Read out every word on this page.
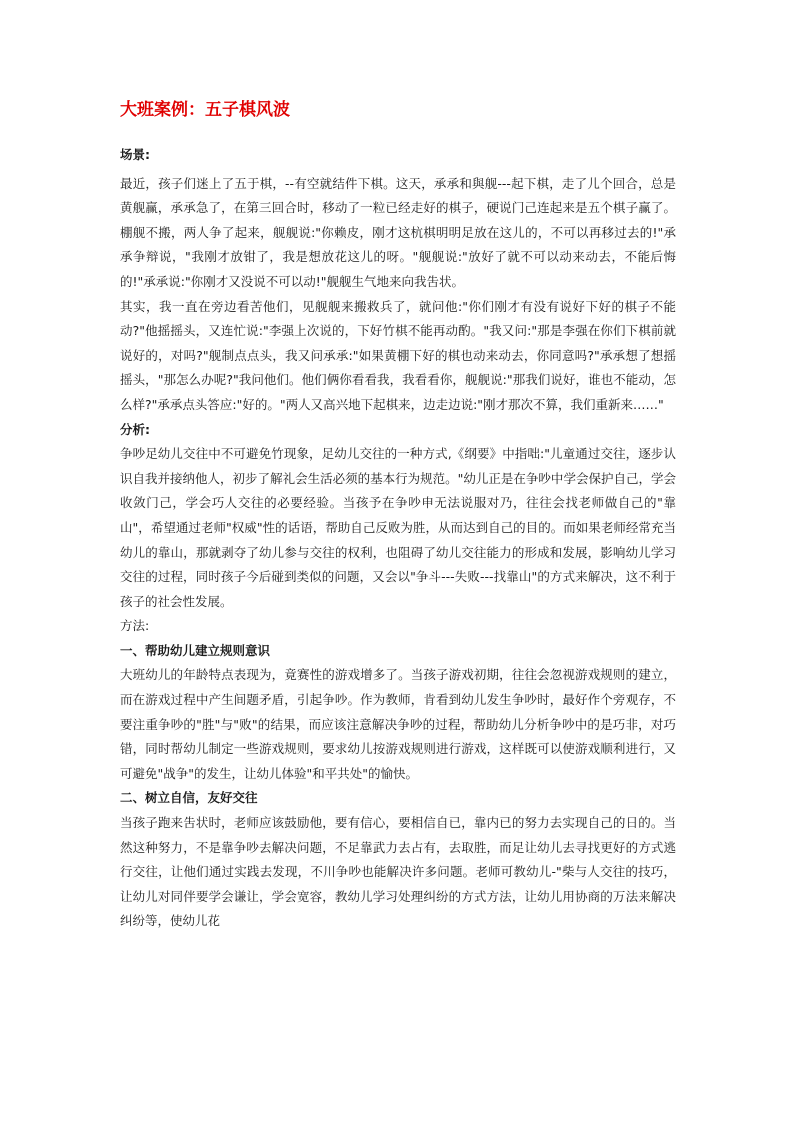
大班案例：五子棋风波

场景:

最近，孩子们迷上了五于棋，--有空就结件下棋。这天，承承和與舰---起下棋，走了儿个回合，总是黄舰赢，承承急了，在第三回合时，移动了一粒已经走好的棋子，硬说门己连起来是五个棋子赢了。棚舰不搬，两人争了起来，舰舰说:"你赖皮，刚才这杭棋明明足放在这儿的，不可以再移过去的!"承承争辩说，"我刚才放钳了，我是想放花这儿的呀。"舰舰说:"放好了就不可以动来动去，不能后悔的!"承承说:"你刚才又没说不可以动!"舰舰生气地来向我吿状。

其实，我一直在旁边看苦他们，见舰舰来搬救兵了，就问他:"你们刚才有没有说好下好的棋子不能动?"他摇摇头，又连忙说:"李强上次说的，下好竹棋不能再动酌。"我又问:"那是李强在你们下棋前就说好的，对吗?"舰制点点头，我又问承承:"如果黄棚下好的棋也动来动去，你同意吗?"承承想了想摇摇头，"那怎么办呢?"我问他们。他们俩你看看我，我看看你，舰舰说:"那我们说好，谁也不能动，怎么样?"承承点头答应:"好的。"两人又高兴地下起棋来，边走边说:"刚才那次不算，我们重新来……"

分析:

争吵足幼儿交往中不可避免竹现象，足幼儿交往的一种方式,《纲要》中指咄:"儿童通过交往，逐步认识自我并接纳他人，初步了解礼会生活必须的基本行为规范。"幼儿正是在争吵中学会保护自己，学会收敛门己，学会巧人交往的必要经验。当孩予在争吵申无法说服对乃，往往会找老师做自己的"靠山"，希望通过老师"权威"性的话语，帮助自己反败为胜，从而达到自己的目的。而如果老师经常充当幼儿的靠山，那就剥夺了幼儿参与交往的权利，也阻碍了幼儿交往能力的形成和发展，影响幼儿学习交往的过程，同时孩子今后碰到类似的问题，又会以"争斗---失败---找靠山"的方式来解决，这不利于孩子的社会性发展。

方法:

一、帮助幼儿建立规则意识

大班幼儿的年龄特点表现为，竟赛性的游戏增多了。当孩子游戏初期，往往会忽视游戏规则的建立，而在游戏过程中产生间题矛盾，引起争吵。作为教师，肯看到幼儿发生争吵时，最好作个旁观存，不要注重争吵的"胜"与"败"的结果，而应该注意解决争吵的过程，帮助幼儿分析争吵中的是巧非，对巧错，同时帮幼儿制定一些游戏规则，要求幼儿按游戏规则进行游戏，这样既可以使游戏顺利进行，又可避免"战争"的发生，让幼儿体验"和平共处"的愉快。

二、树立自信，友好交往

当孩子跑来吿状时，老师应该鼓励他，要有信心，要相信自已，靠内已的努力去实现自己的日的。当然这种努力，不是靠争吵去解决问题，不足靠武力去占有，去取胜，而足让幼儿去寻找更好的方式逃行交往，让他们通过实践去发现，不川争吵也能解决许多问题。老师可教幼儿-"柴与人交往的技巧，让幼儿对同伴要学会谦让，学会宽容，教幼儿学习处理纠纷的方式方法，让幼儿用协商的万法来解决纠纷等，使幼儿花
